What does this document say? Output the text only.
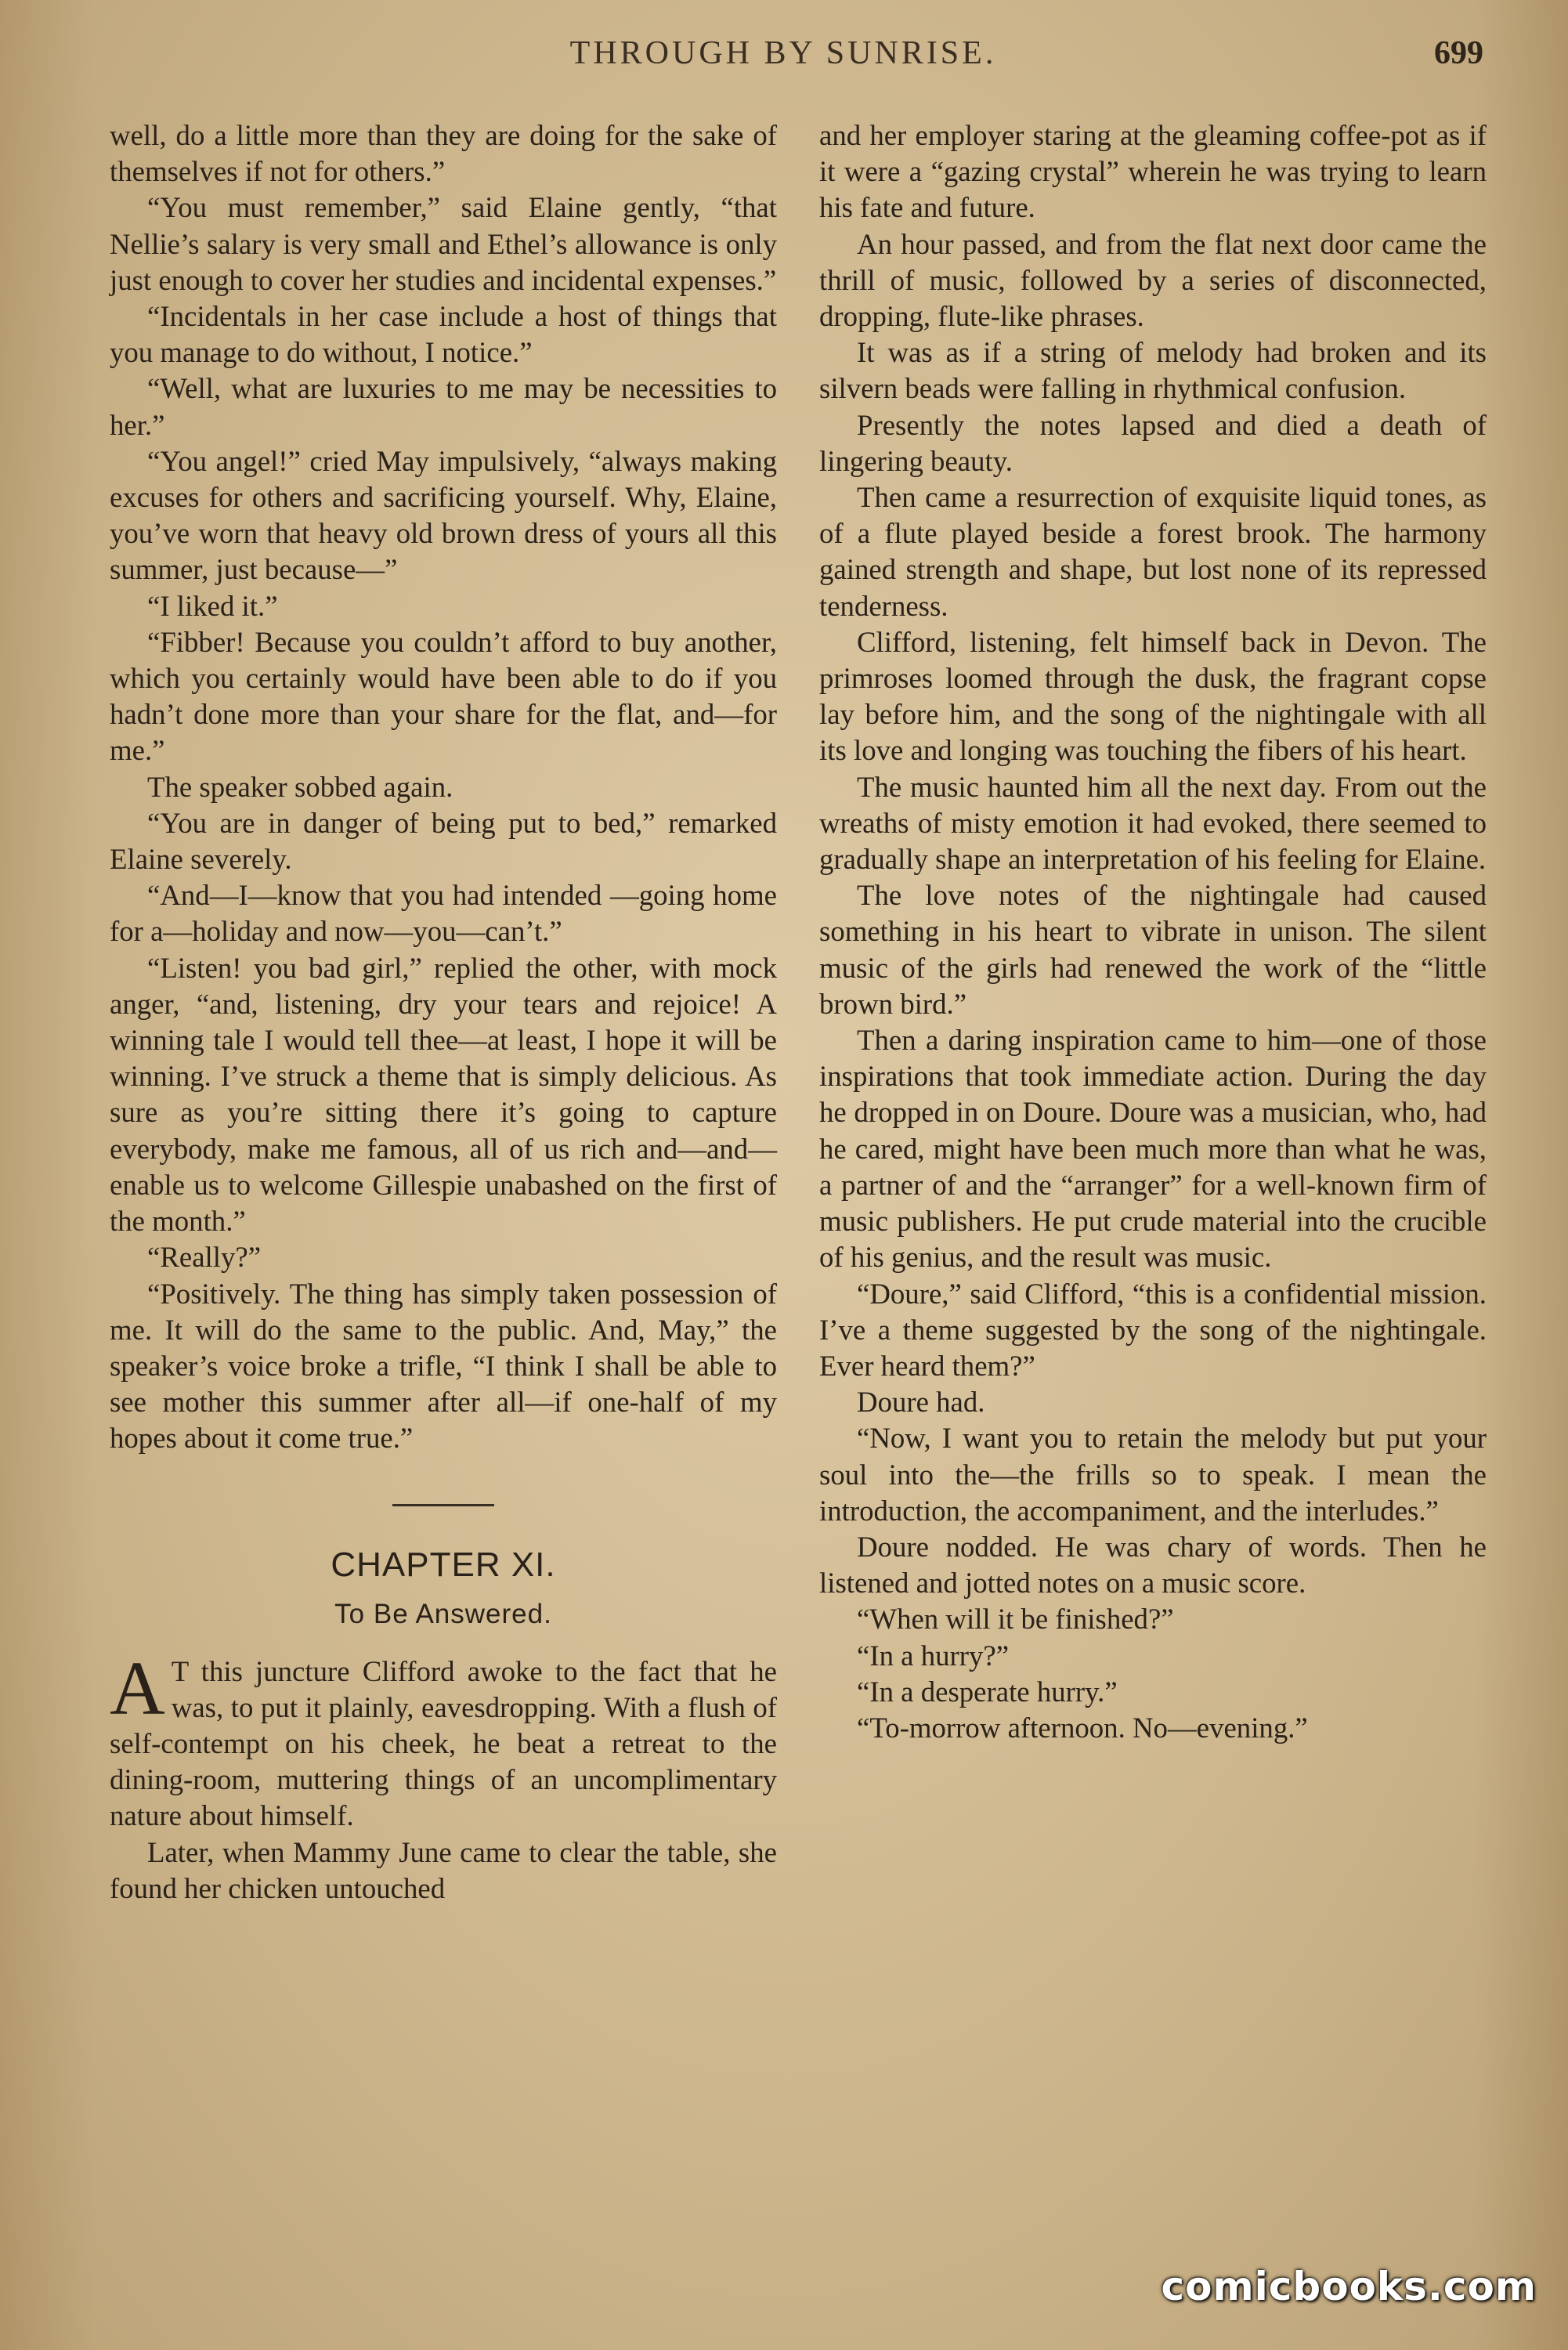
THROUGH BY SUNRISE.	699

well, do a little more than they are doing for the sake of themselves if not for others.”

“You must remember,” said Elaine gently, “that Nellie’s salary is very small and Ethel’s allowance is only just enough to cover her studies and incidental expenses.”

“Incidentals in her case include a host of things that you manage to do without, I notice.”

“Well, what are luxuries to me may be necessities to her.”

“You angel!” cried May impulsively, “always making excuses for others and sacrificing yourself. Why, Elaine, you’ve worn that heavy old brown dress of yours all this summer, just because—”

“I liked it.”

“Fibber! Because you couldn’t afford to buy another, which you certainly would have been able to do if you hadn’t done more than your share for the flat, and—for me.”

The speaker sobbed again.

“You are in danger of being put to bed,” remarked Elaine severely.

“And—I—know that you had intended —going home for a—holiday and now—you—can’t.”

“Listen! you bad girl,” replied the other, with mock anger, “and, listening, dry your tears and rejoice! A winning tale I would tell thee—at least, I hope it will be winning. I’ve struck a theme that is simply delicious. As sure as you’re sitting there it’s going to capture everybody, make me famous, all of us rich and—and—enable us to welcome Gillespie unabashed on the first of the month.”

“Really?”

“Positively. The thing has simply taken possession of me. It will do the same to the public. And, May,” the speaker’s voice broke a trifle, “I think I shall be able to see mother this summer after all—if one-half of my hopes about it come true.”

CHAPTER XI.
To Be Answered.

A T this juncture Clifford awoke to the fact that he was, to put it plainly, eavesdropping. With a flush of self-contempt on his cheek, he beat a retreat to the dining-room, muttering things of an uncomplimentary nature about himself.

Later, when Mammy June came to clear the table, she found her chicken untouched

and her employer staring at the gleaming coffee-pot as if it were a “gazing crystal” wherein he was trying to learn his fate and future.

An hour passed, and from the flat next door came the thrill of music, followed by a series of disconnected, dropping, flute-like phrases.

It was as if a string of melody had broken and its silvern beads were falling in rhythmical confusion.

Presently the notes lapsed and died a death of lingering beauty.

Then came a resurrection of exquisite liquid tones, as of a flute played beside a forest brook. The harmony gained strength and shape, but lost none of its repressed tenderness.

Clifford, listening, felt himself back in Devon. The primroses loomed through the dusk, the fragrant copse lay before him, and the song of the nightingale with all its love and longing was touching the fibers of his heart.

The music haunted him all the next day. From out the wreaths of misty emotion it had evoked, there seemed to gradually shape an interpretation of his feeling for Elaine.

The love notes of the nightingale had caused something in his heart to vibrate in unison. The silent music of the girls had renewed the work of the “little brown bird.”

Then a daring inspiration came to him—one of those inspirations that took immediate action. During the day he dropped in on Doure. Doure was a musician, who, had he cared, might have been much more than what he was, a partner of and the “arranger” for a well-known firm of music publishers. He put crude material into the crucible of his genius, and the result was music.

“Doure,” said Clifford, “this is a confidential mission. I’ve a theme suggested by the song of the nightingale. Ever heard them?”

Doure had.

“Now, I want you to retain the melody but put your soul into the—the frills so to speak. I mean the introduction, the accompaniment, and the interludes.”

Doure nodded. He was chary of words. Then he listened and jotted notes on a music score.

“When will it be finished?”

“In a hurry?”

“In a desperate hurry.”

“To-morrow afternoon. No—evening.”

comicbooks.com
